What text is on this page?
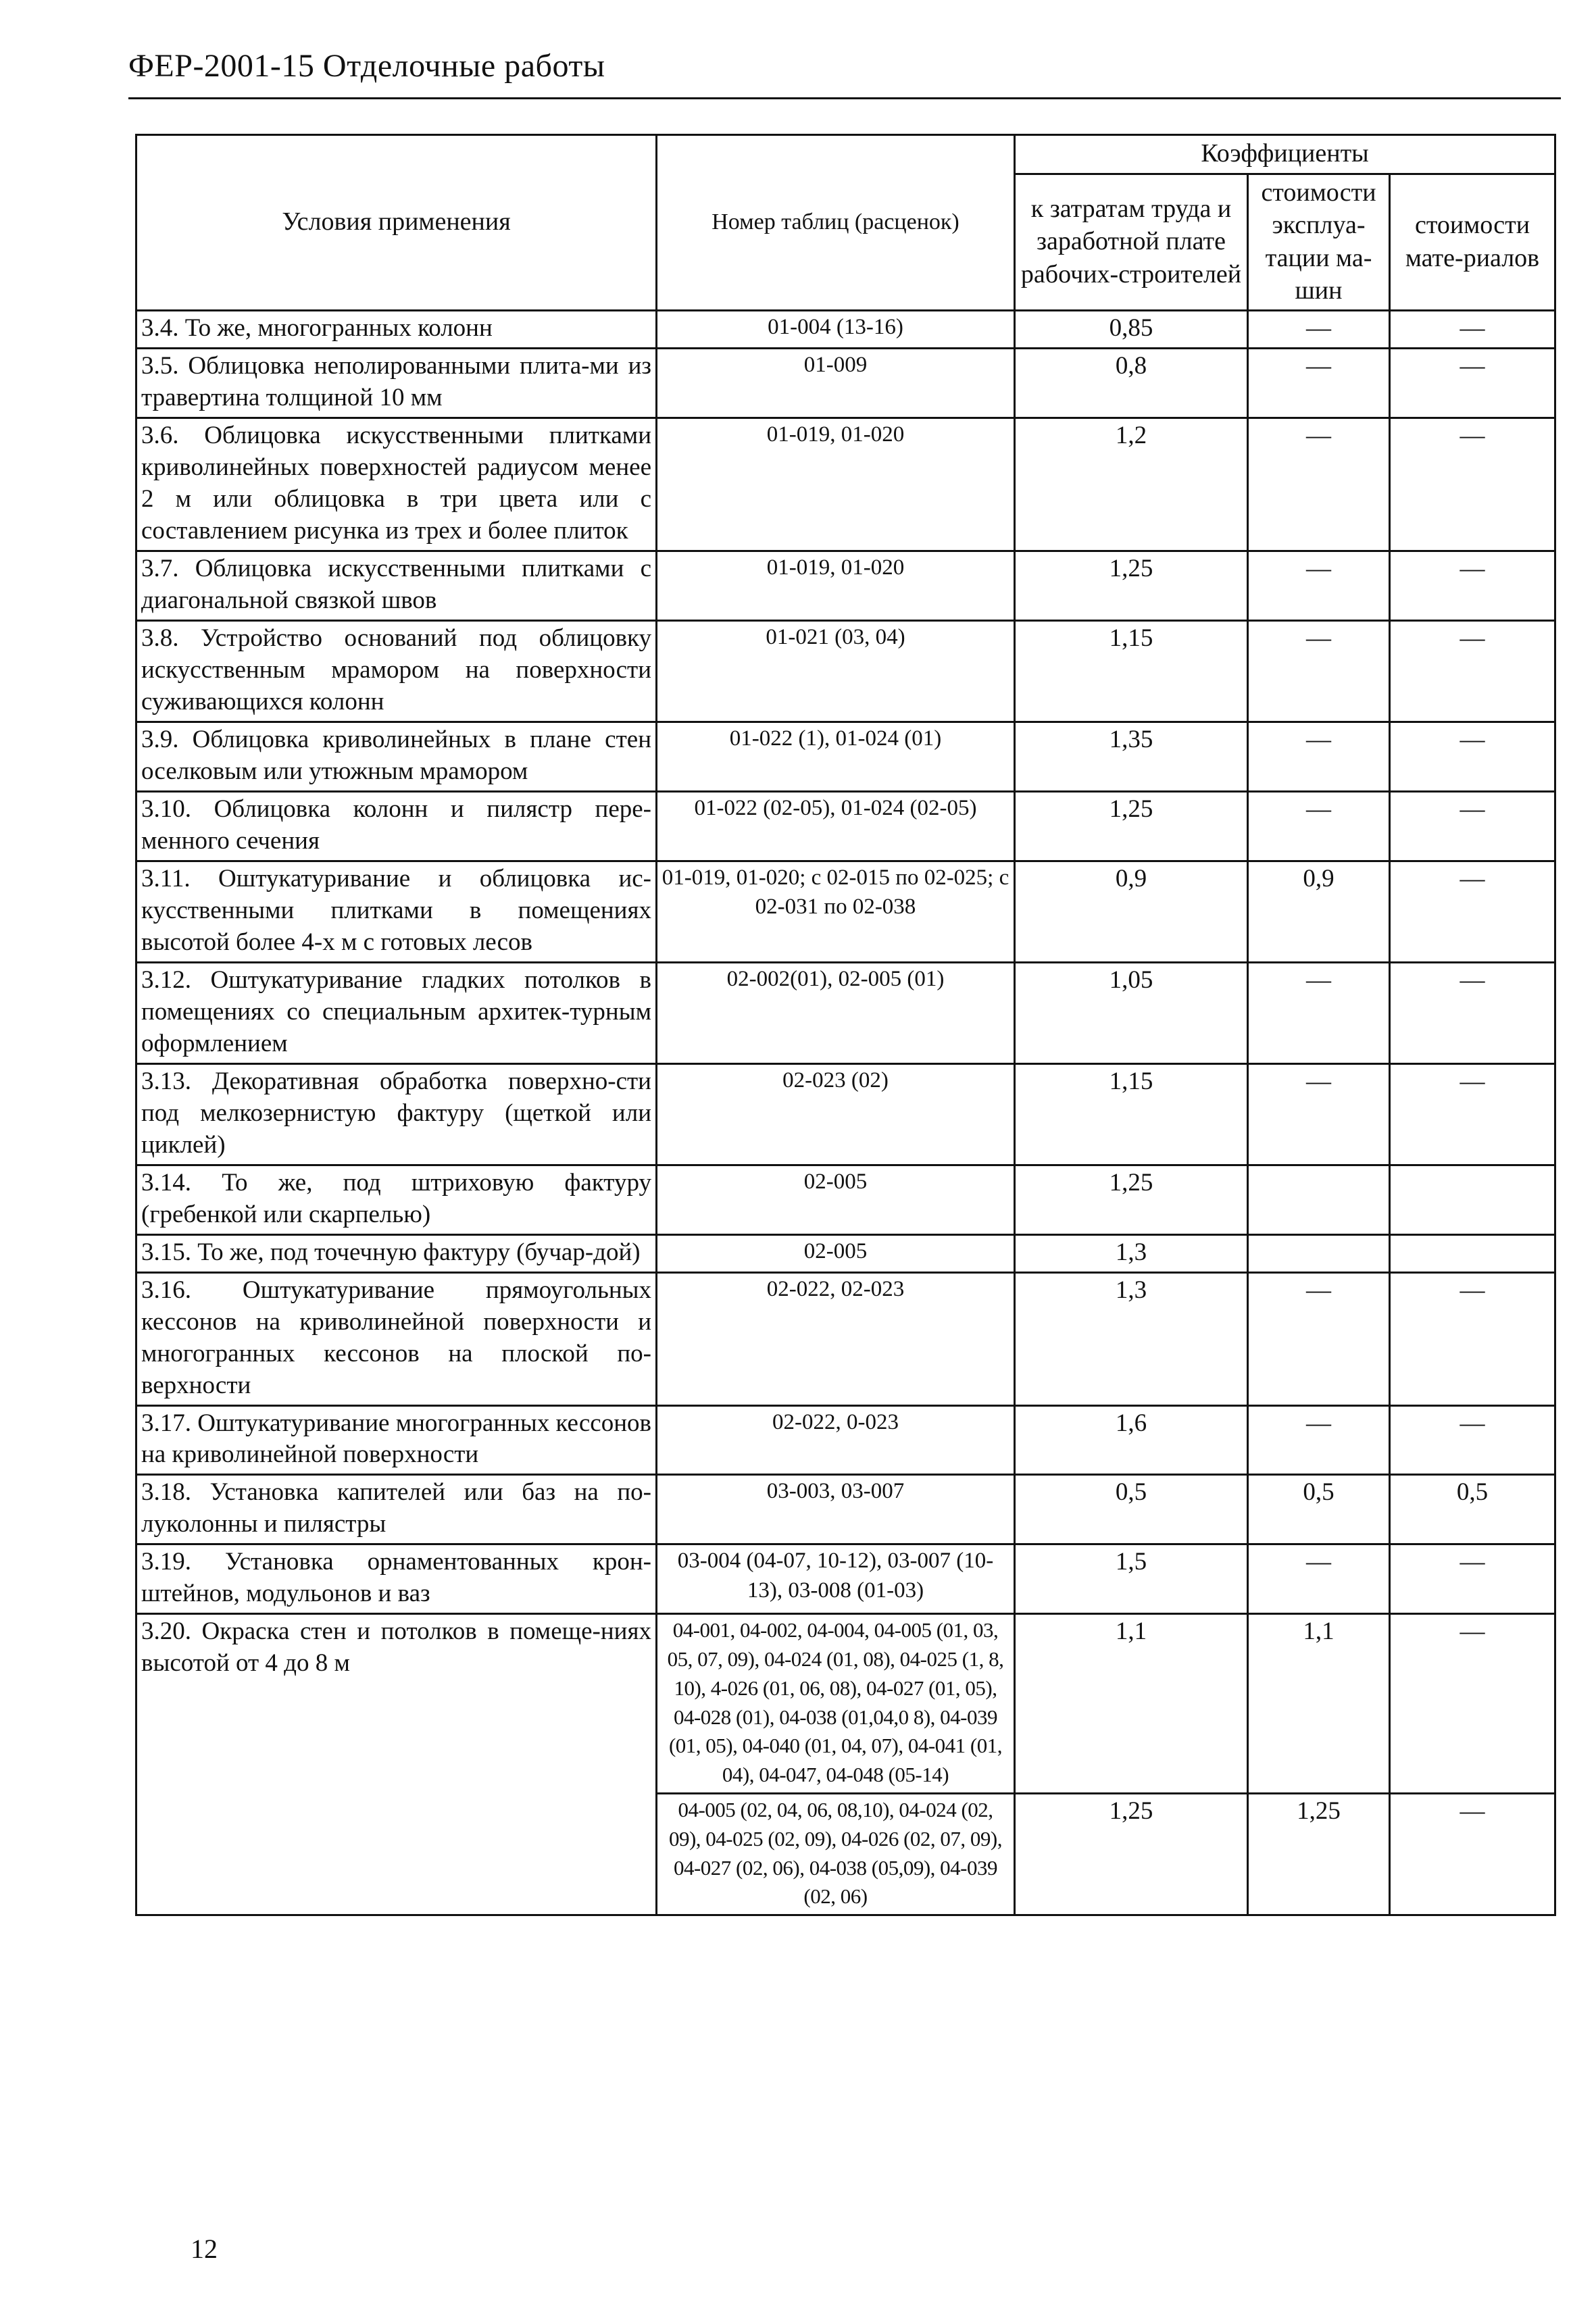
ФЕР-2001-15 Отделочные работы
Условия применения	Номер таблиц (расценок)	Коэффициенты		
		к затратам труда и заработной плате рабочих-строителей	стоимости эксплуа-тации ма-шин	стоимости мате-риалов
3.4. То же, многогранных колонн	01-004 (13-16)	0,85	—	—
3.5. Облицовка неполированными плита-ми из травертина толщиной 10 мм	01-009	0,8	—	—
3.6. Облицовка искусственными плитками криволинейных поверхностей радиусом менее 2 м или облицовка в три цвета или с составлением рисунка из трех и более плиток	01-019, 01-020	1,2	—	—
3.7. Облицовка искусственными плитками с диагональной связкой швов	01-019, 01-020	1,25	—	—
3.8. Устройство оснований под облицовку искусственным мрамором на поверхности суживающихся колонн	01-021 (03, 04)	1,15	—	—
3.9. Облицовка криволинейных в плане стен оселковым или утюжным мрамором	01-022 (1), 01-024 (01)	1,35	—	—
3.10. Облицовка колонн и пилястр пере-менного сечения	01-022 (02-05), 01-024 (02-05)	1,25	—	—
3.11. Оштукатуривание и облицовка ис-кусственными плитками в помещениях высотой более 4-х м с готовых лесов	01-019, 01-020; с 02-015 по 02-025; с 02-031 по 02-038	0,9	0,9	—
3.12. Оштукатуривание гладких потолков в помещениях со специальным архитек-турным оформлением	02-002(01), 02-005 (01)	1,05	—	—
3.13. Декоративная обработка поверхно-сти под мелкозернистую фактуру (щеткой или циклей)	02-023 (02)	1,15	—	—
3.14. То же, под штриховую фактуру (гребенкой или скарпелью)	02-005	1,25		
3.15. То же, под точечную фактуру (бучар-дой)	02-005	1,3		
3.16. Оштукатуривание прямоугольных кессонов на криволинейной поверхности и многогранных кессонов на плоской по-верхности	02-022, 02-023	1,3	—	—
3.17. Оштукатуривание многогранных кессонов на криволинейной поверхности	02-022, 0-023	1,6	—	—
3.18. Установка капителей или баз на по-луколонны и пилястры	03-003, 03-007	0,5	0,5	0,5
3.19. Установка орнаментованных крон-штейнов, модульонов и ваз	03-004 (04-07, 10-12), 03-007 (10-13), 03-008 (01-03)	1,5	—	—
3.20. Окраска стен и потолков в помеще-ниях высотой от 4 до 8 м	04-001, 04-002, 04-004, 04-005 (01, 03, 05, 07, 09), 04-024 (01, 08), 04-025 (1, 8, 10), 4-026 (01, 06, 08), 04-027 (01, 05), 04-028 (01), 04-038 (01,04,0 8), 04-039 (01, 05), 04-040 (01, 04, 07), 04-041 (01, 04), 04-047, 04-048 (05-14)	1,1	1,1	—
	04-005 (02, 04, 06, 08,10), 04-024 (02, 09), 04-025 (02, 09), 04-026 (02, 07, 09), 04-027 (02, 06), 04-038 (05,09), 04-039 (02, 06)	1,25	1,25	—
12
